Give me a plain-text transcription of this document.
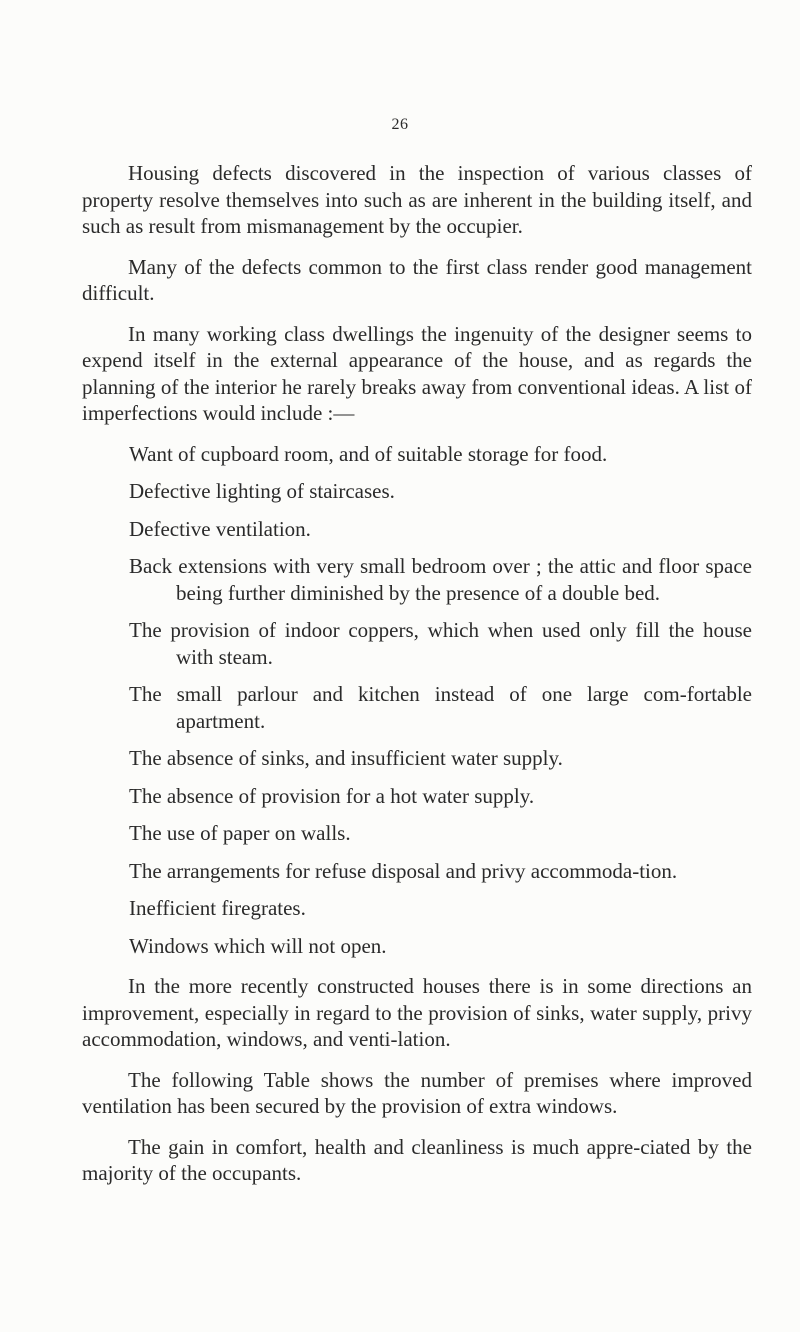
26

Housing defects discovered in the inspection of various classes of property resolve themselves into such as are inherent in the building itself, and such as result from mismanagement by the occupier.

Many of the defects common to the first class render good management difficult.

In many working class dwellings the ingenuity of the designer seems to expend itself in the external appearance of the house, and as regards the planning of the interior he rarely breaks away from conventional ideas. A list of imperfections would include :—

Want of cupboard room, and of suitable storage for food.
Defective lighting of staircases.
Defective ventilation.
Back extensions with very small bedroom over ; the attic and floor space being further diminished by the presence of a double bed.
The provision of indoor coppers, which when used only fill the house with steam.
The small parlour and kitchen instead of one large com-fortable apartment.
The absence of sinks, and insufficient water supply.
The absence of provision for a hot water supply.
The use of paper on walls.
The arrangements for refuse disposal and privy accommoda-tion.
Inefficient firegrates.
Windows which will not open.

In the more recently constructed houses there is in some directions an improvement, especially in regard to the provision of sinks, water supply, privy accommodation, windows, and venti-lation.

The following Table shows the number of premises where improved ventilation has been secured by the provision of extra windows.

The gain in comfort, health and cleanliness is much appre-ciated by the majority of the occupants.
